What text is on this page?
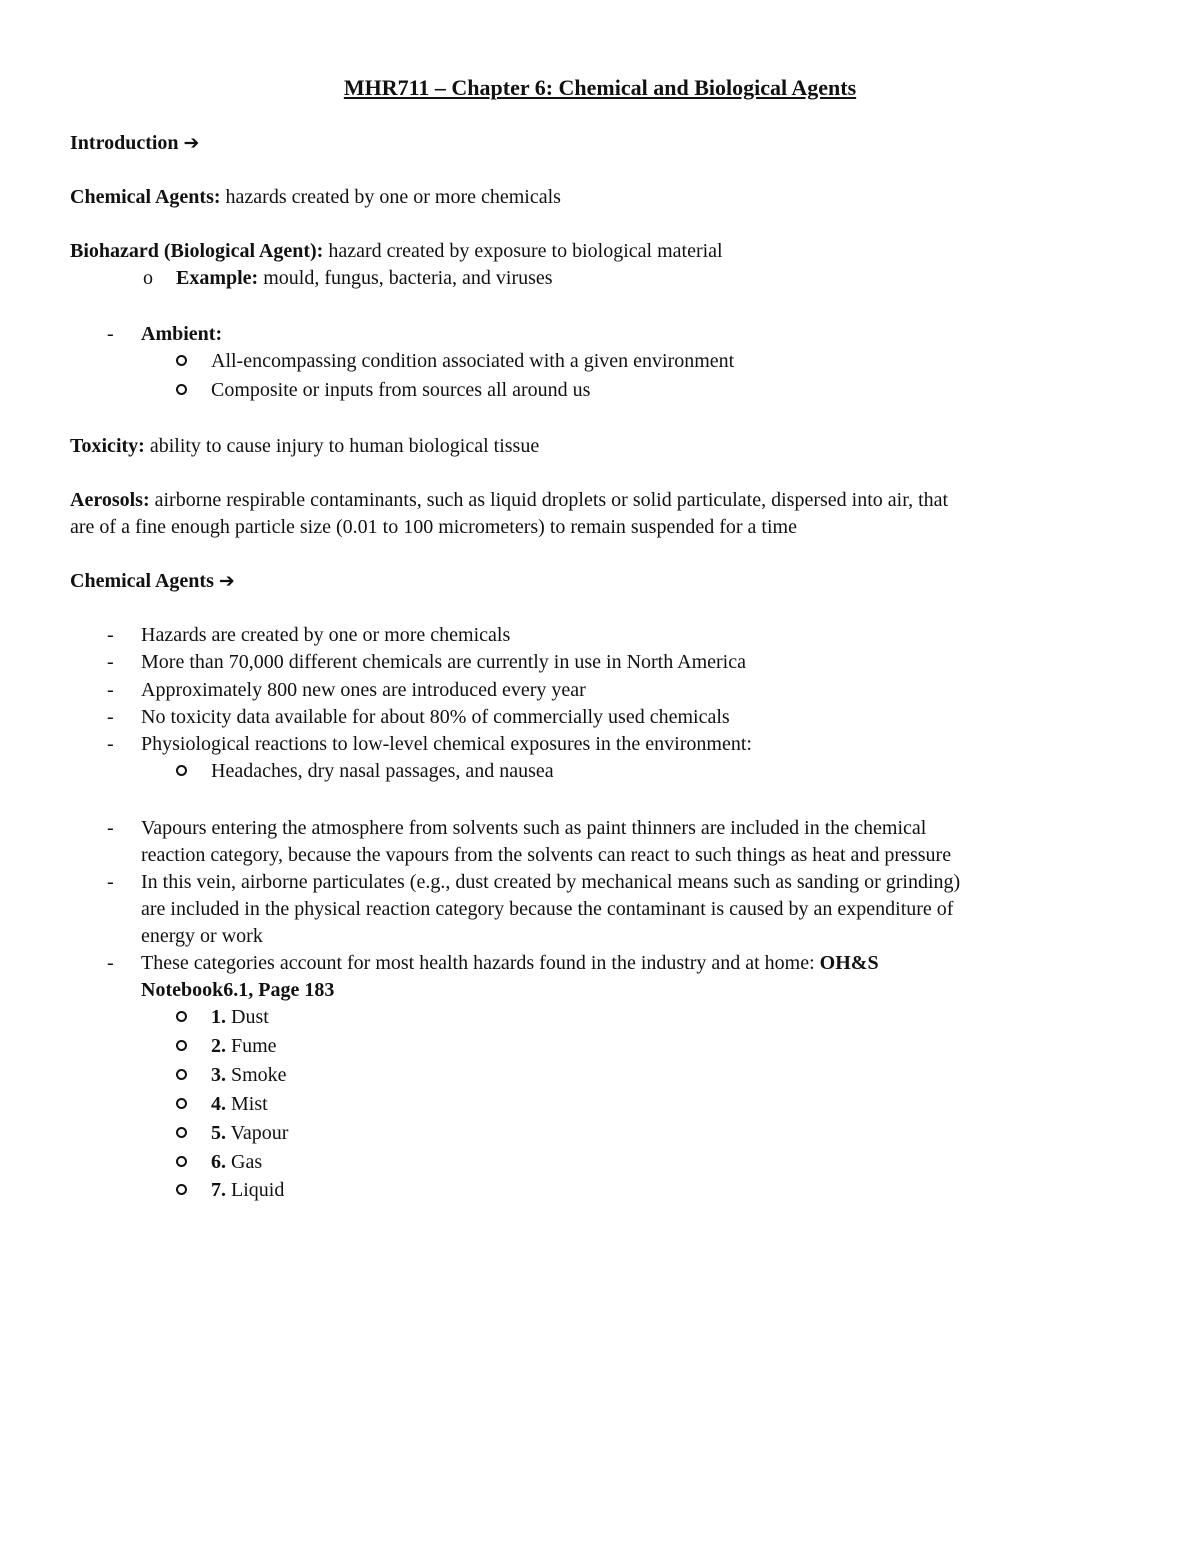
MHR711 – Chapter 6: Chemical and Biological Agents
Introduction ➔
Chemical Agents: hazards created by one or more chemicals
Biohazard (Biological Agent): hazard created by exposure to biological material
o Example: mould, fungus, bacteria, and viruses
- Ambient:
All-encompassing condition associated with a given environment
Composite or inputs from sources all around us
Toxicity: ability to cause injury to human biological tissue
Aerosols: airborne respirable contaminants, such as liquid droplets or solid particulate, dispersed into air, that
are of a fine enough particle size (0.01 to 100 micrometers) to remain suspended for a time
Chemical Agents ➔
- Hazards are created by one or more chemicals
- More than 70,000 different chemicals are currently in use in North America
- Approximately 800 new ones are introduced every year
- No toxicity data available for about 80% of commercially used chemicals
- Physiological reactions to low-level chemical exposures in the environment:
Headaches, dry nasal passages, and nausea
- Vapours entering the atmosphere from solvents such as paint thinners are included in the chemical
reaction category, because the vapours from the solvents can react to such things as heat and pressure
- In this vein, airborne particulates (e.g., dust created by mechanical means such as sanding or grinding)
are included in the physical reaction category because the contaminant is caused by an expenditure of
energy or work
- These categories account for most health hazards found in the industry and at home: OH&S
Notebook6.1, Page 183
1. Dust
2. Fume
3. Smoke
4. Mist
5. Vapour
6. Gas
7. Liquid
